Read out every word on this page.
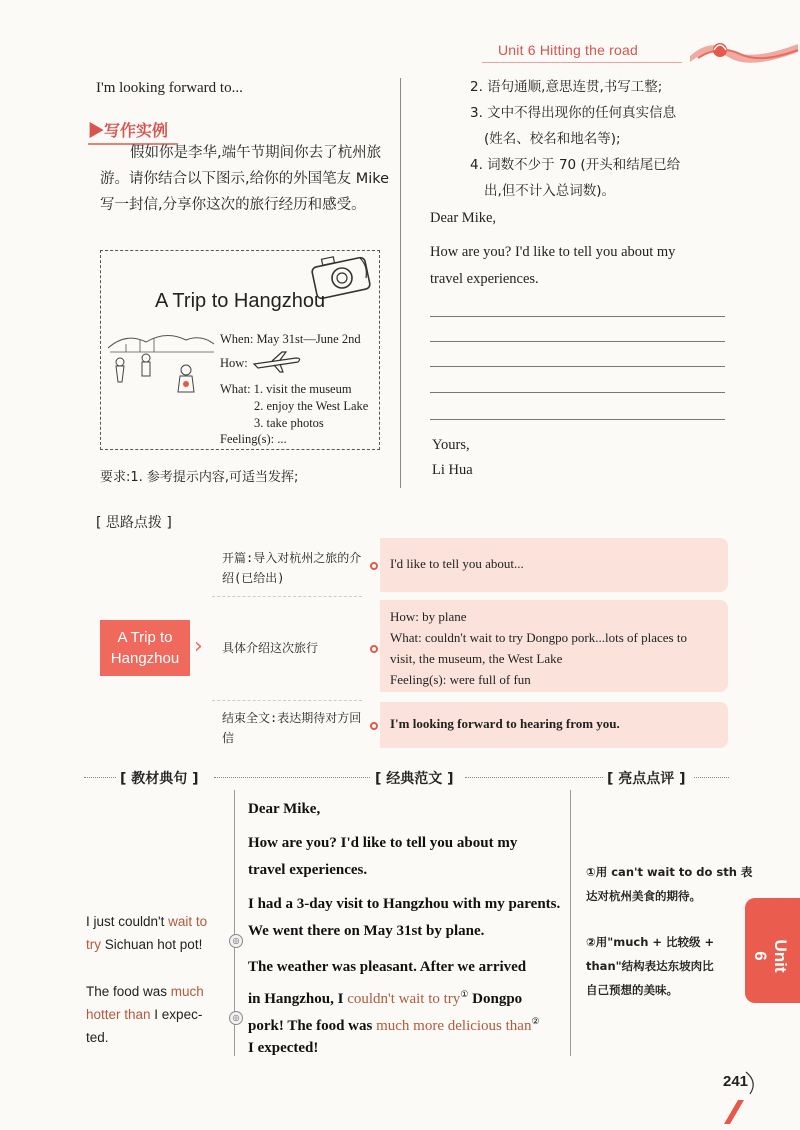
Unit 6 Hitting the road
I'm looking forward to...
▶写作实例
假如你是李华,端午节期间你去了杭州旅游。请你结合以下图示,给你的外国笔友 Mike 写一封信,分享你这次的旅行经历和感受。
A Trip to Hangzhou
When: May 31st—June 2nd
How:
What: 1. visit the museum
2. enjoy the West Lake
3. take photos
Feeling(s): ...
要求:1. 参考提示内容,可适当发挥;
2. 语句通顺,意思连贯,书写工整;
3. 文中不得出现你的任何真实信息
(姓名、校名和地名等);
4. 词数不少于 70 (开头和结尾已给
出,但不计入总词数)。
Dear Mike,
How are you? I'd like to tell you about my
travel experiences.
Yours,
Li Hua
[ 思路点拨 ]
A Trip to Hangzhou ›
开篇:导入对杭州之旅的介绍(已给出)
I'd like to tell you about...
具体介绍这次旅行
How: by plane
What: couldn't wait to try Dongpo pork...lots of places to
visit, the museum, the West Lake
Feeling(s): were full of fun
结束全文:表达期待对方回信
I'm looking forward to hearing from you.
[ 教材典句 ]	[ 经典范文 ]	[ 亮点点评 ]
I just couldn't wait to
try Sichuan hot pot!
The food was much
hotter than I expec-
ted.
◎
◎
Dear Mike,
How are you? I'd like to tell you about my
travel experiences.
I had a 3-day visit to Hangzhou with my parents.
We went there on May 31st by plane.
The weather was pleasant. After we arrived
in Hangzhou, I couldn't wait to try① Dongpo
pork! The food was much more delicious than②
I expected!
①用 can't wait to do sth 表
达对杭州美食的期待。
②用"much + 比较级 +
than"结构表达东坡肉比
自己预想的美味。
Unit 6
241
